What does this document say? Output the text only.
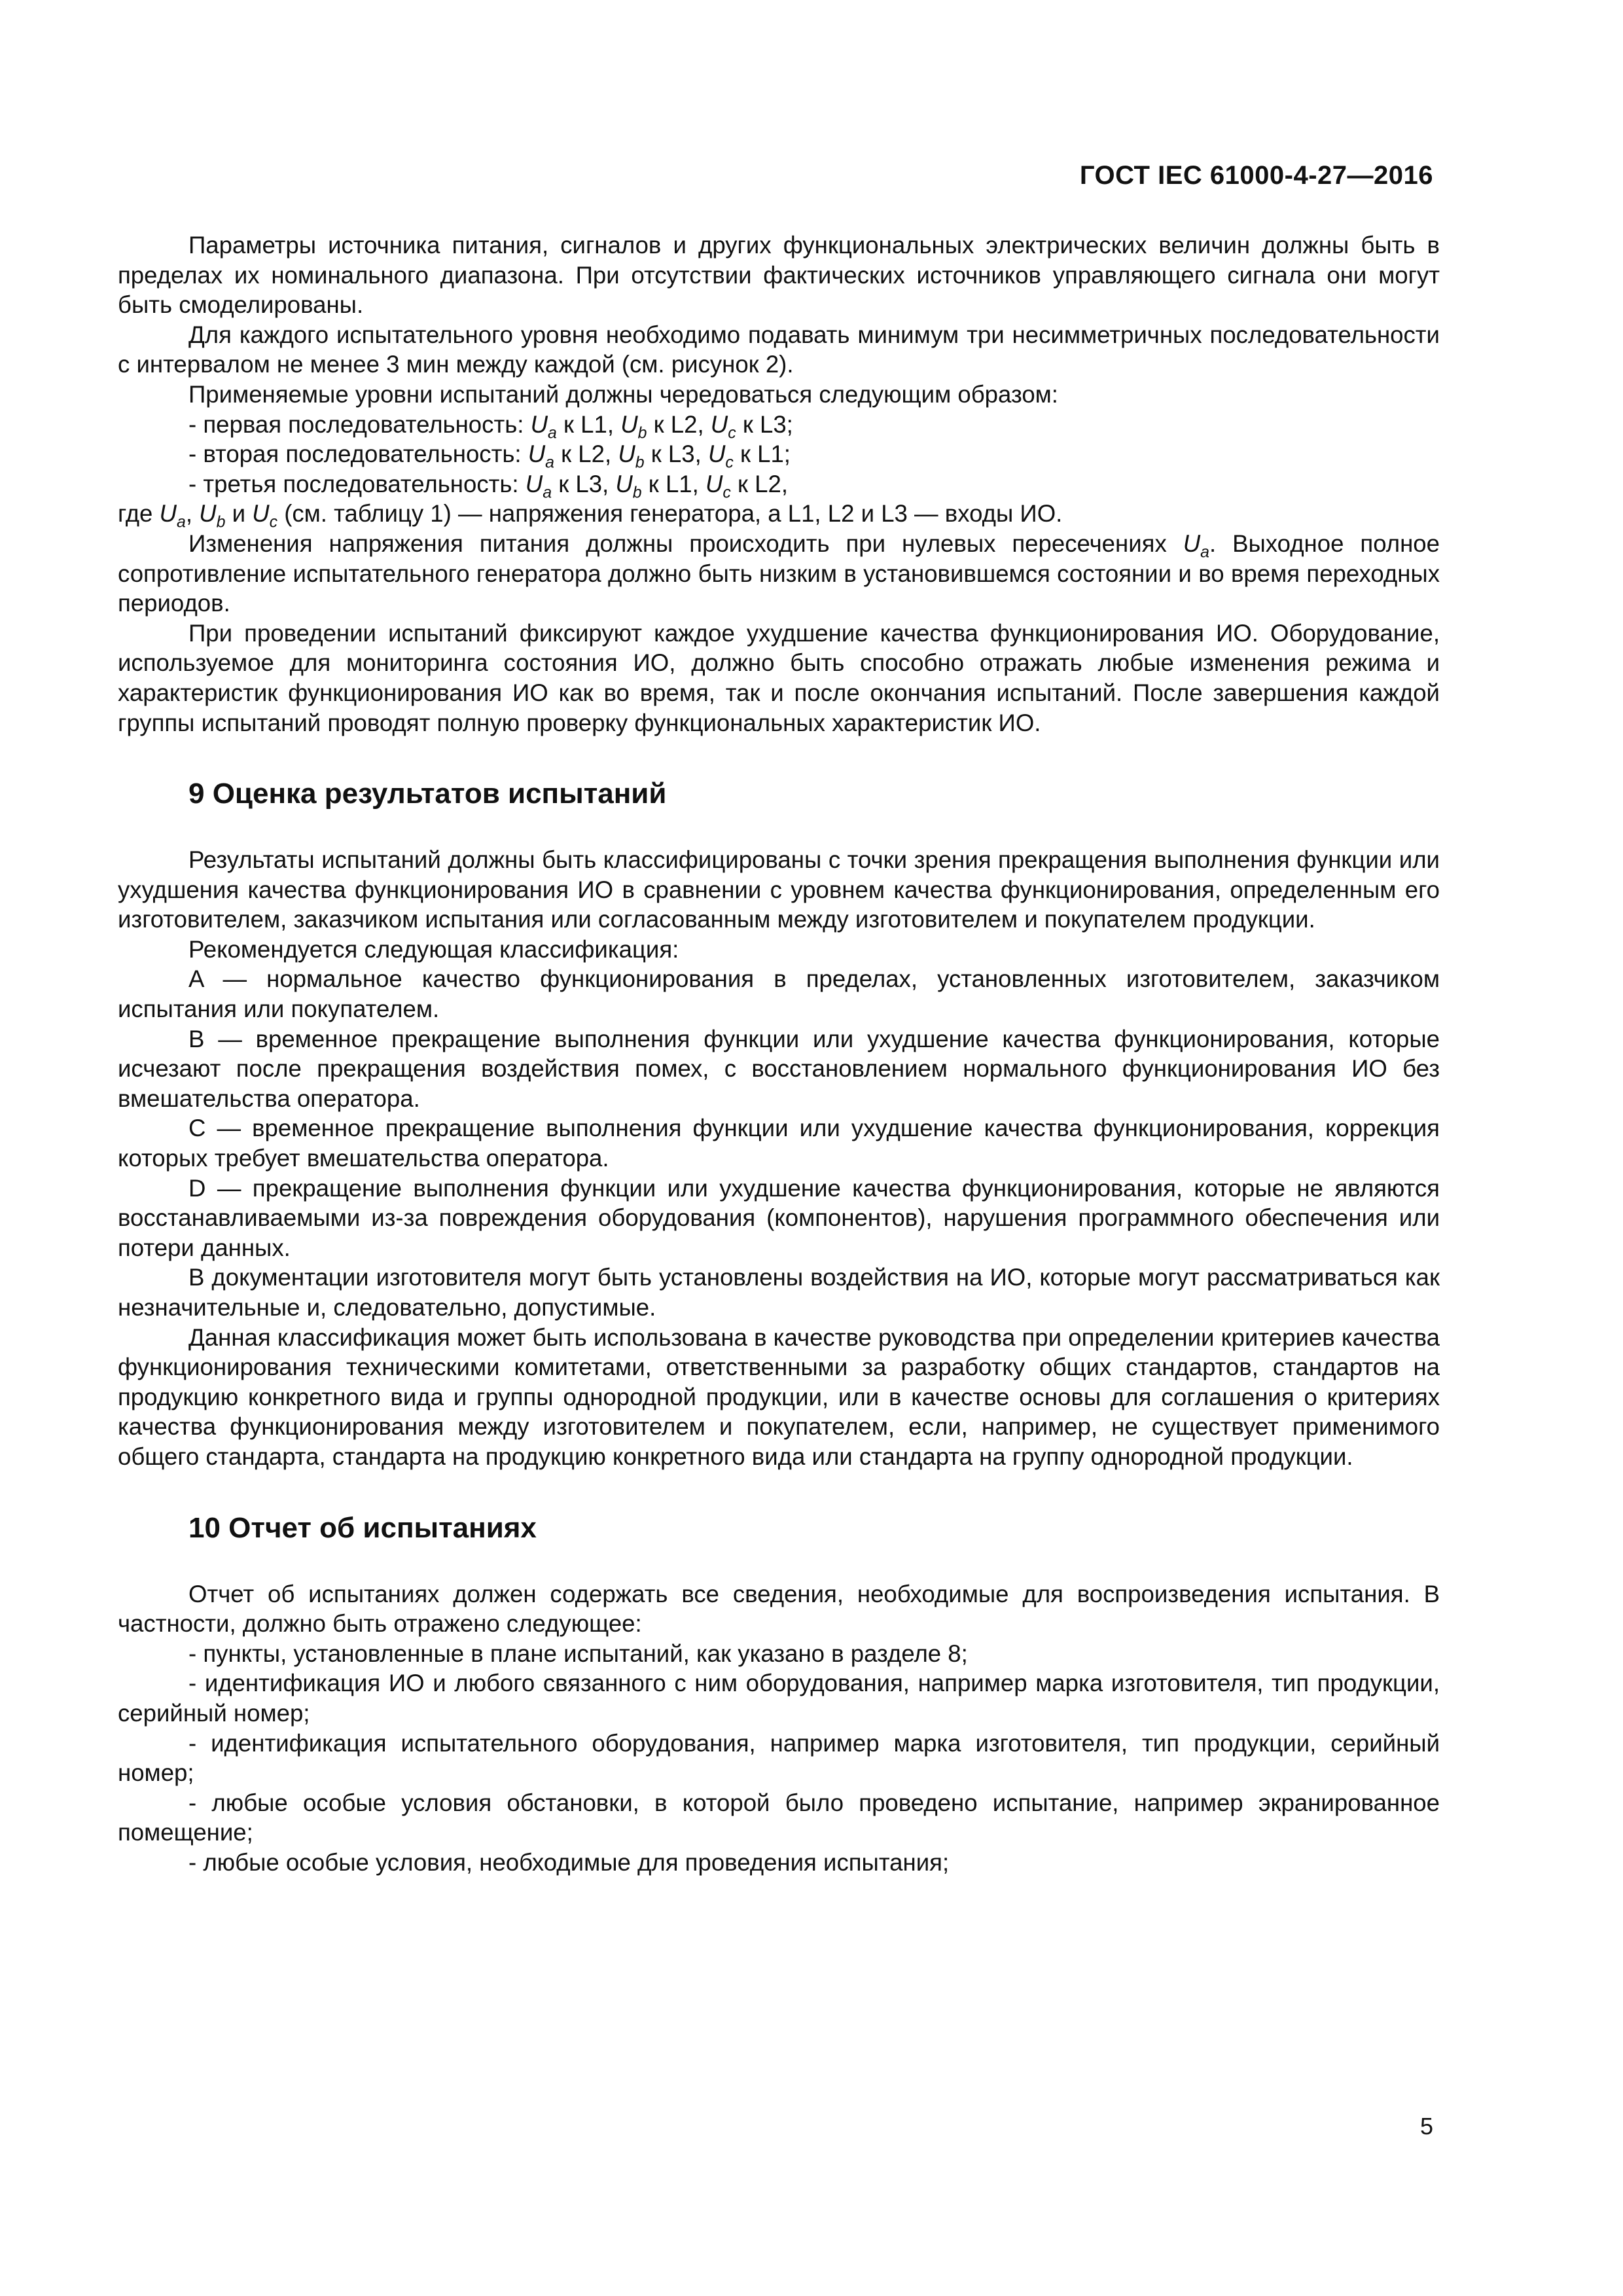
ГОСТ IEC 61000-4-27—2016

Параметры источника питания, сигналов и других функциональных электрических величин должны быть в пределах их номинального диапазона. При отсутствии фактических источников управляющего сигнала они могут быть смоделированы.

Для каждого испытательного уровня необходимо подавать минимум три несимметричных последовательности с интервалом не менее 3 мин между каждой (см. рисунок 2).

Применяемые уровни испытаний должны чередоваться следующим образом:

- первая последовательность: $U_a$ к L1, $U_b$ к L2, $U_c$ к L3;

- вторая последовательность: $U_a$ к L2, $U_b$ к L3, $U_c$ к L1;

- третья последовательность: $U_a$ к L3, $U_b$ к L1, $U_c$ к L2,

где $U_a$, $U_b$ и $U_c$ (см. таблицу 1) — напряжения генератора, а L1, L2 и L3 — входы ИО.

Изменения напряжения питания должны происходить при нулевых пересечениях $U_a$. Выходное полное сопротивление испытательного генератора должно быть низким в установившемся состоянии и во время переходных периодов.

При проведении испытаний фиксируют каждое ухудшение качества функционирования ИО. Оборудование, используемое для мониторинга состояния ИО, должно быть способно отражать любые изменения режима и характеристик функционирования ИО как во время, так и после окончания испытаний. После завершения каждой группы испытаний проводят полную проверку функциональных характеристик ИО.

9 Оценка результатов испытаний

Результаты испытаний должны быть классифицированы с точки зрения прекращения выполнения функции или ухудшения качества функционирования ИО в сравнении с уровнем качества функционирования, определенным его изготовителем, заказчиком испытания или согласованным между изготовителем и покупателем продукции.

Рекомендуется следующая классификация:

A — нормальное качество функционирования в пределах, установленных изготовителем, заказчиком испытания или покупателем.

B — временное прекращение выполнения функции или ухудшение качества функционирования, которые исчезают после прекращения воздействия помех, с восстановлением нормального функционирования ИО без вмешательства оператора.

C — временное прекращение выполнения функции или ухудшение качества функционирования, коррекция которых требует вмешательства оператора.

D — прекращение выполнения функции или ухудшение качества функционирования, которые не являются восстанавливаемыми из-за повреждения оборудования (компонентов), нарушения программного обеспечения или потери данных.

В документации изготовителя могут быть установлены воздействия на ИО, которые могут рассматриваться как незначительные и, следовательно, допустимые.

Данная классификация может быть использована в качестве руководства при определении критериев качества функционирования техническими комитетами, ответственными за разработку общих стандартов, стандартов на продукцию конкретного вида и группы однородной продукции, или в качестве основы для соглашения о критериях качества функционирования между изготовителем и покупателем, если, например, не существует применимого общего стандарта, стандарта на продукцию конкретного вида или стандарта на группу однородной продукции.

10 Отчет об испытаниях

Отчет об испытаниях должен содержать все сведения, необходимые для воспроизведения испытания. В частности, должно быть отражено следующее:

- пункты, установленные в плане испытаний, как указано в разделе 8;

- идентификация ИО и любого связанного с ним оборудования, например марка изготовителя, тип продукции, серийный номер;

- идентификация испытательного оборудования, например марка изготовителя, тип продукции, серийный номер;

- любые особые условия обстановки, в которой было проведено испытание, например экранированное помещение;

- любые особые условия, необходимые для проведения испытания;

5
